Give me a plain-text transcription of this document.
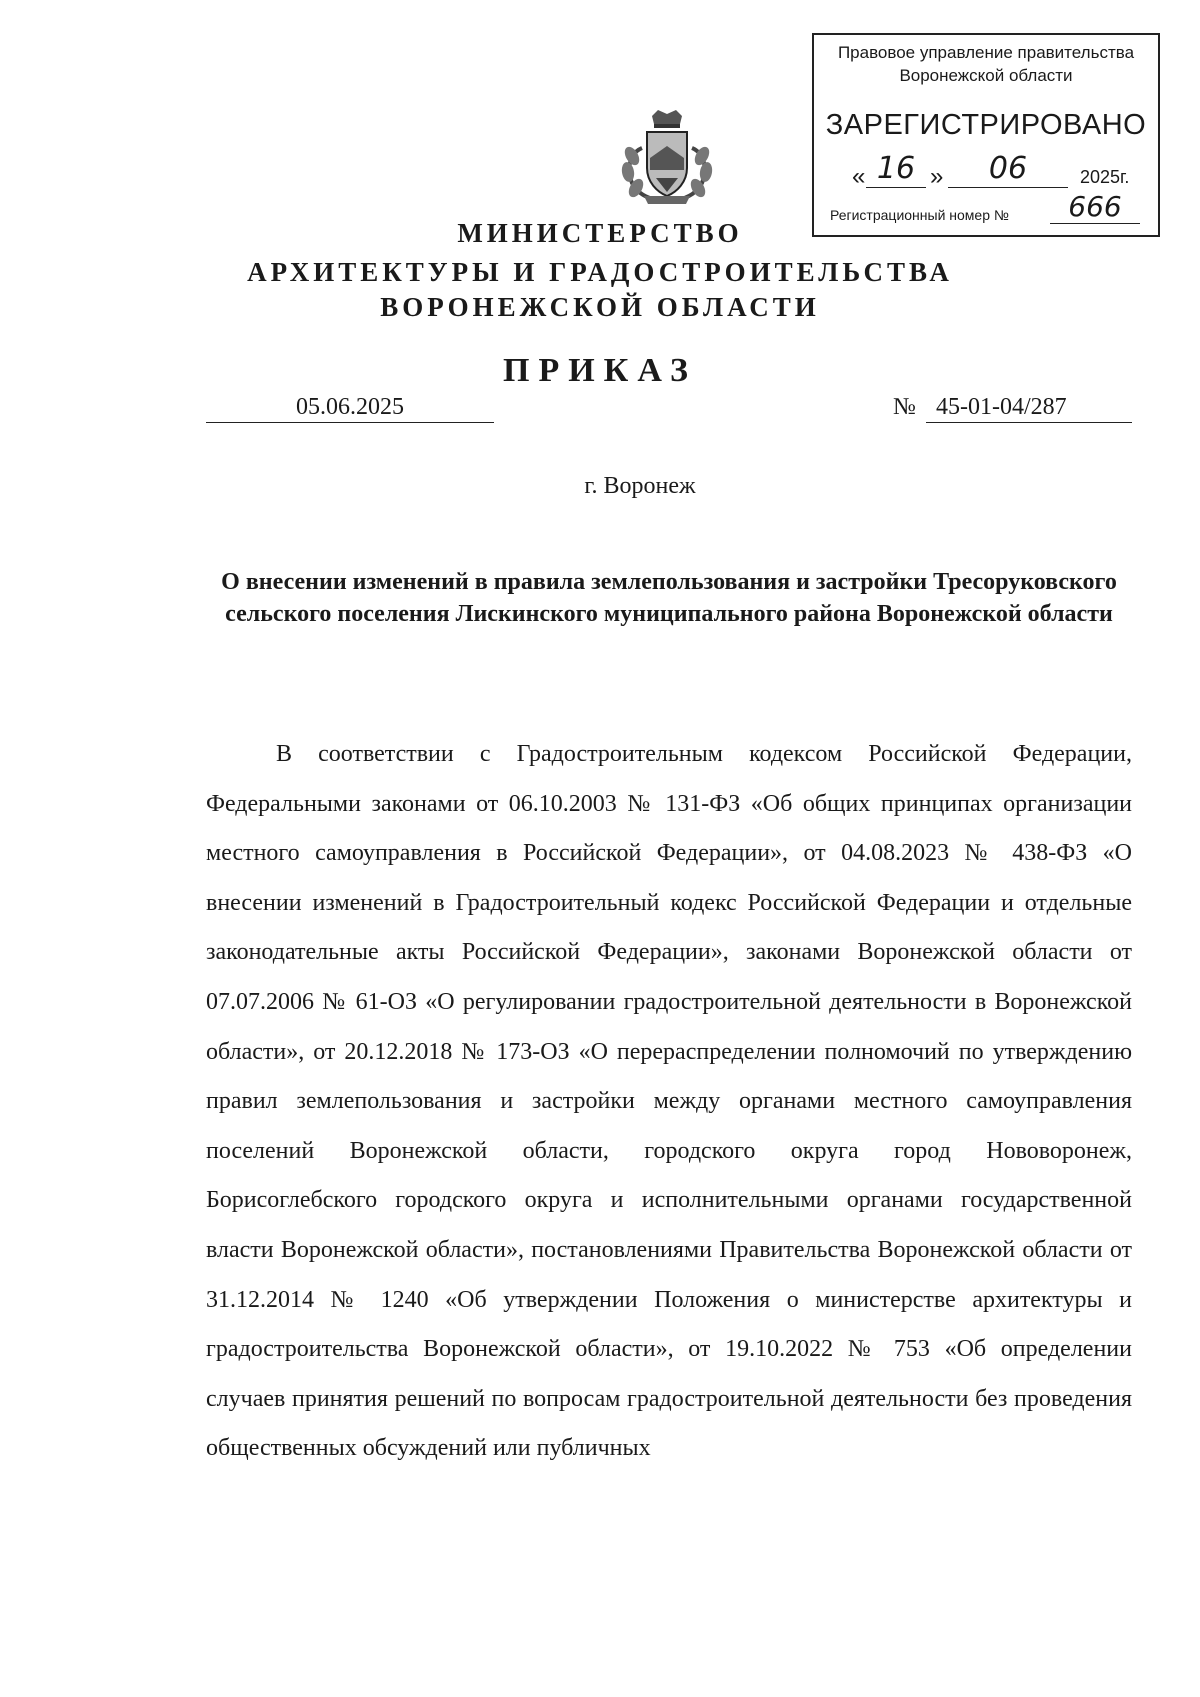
Правовое управление правительства
Воронежской области
ЗАРЕГИСТРИРОВАНО
« 16 »	06	2025г.
Регистрационный номер №	666
МИНИСТЕРСТВО
АРХИТЕКТУРЫ И ГРАДОСТРОИТЕЛЬСТВА
ВОРОНЕЖСКОЙ ОБЛАСТИ
ПРИКАЗ
05.06.2025	№ 45-01-04/287
г. Воронеж
О внесении изменений в правила землепользования и застройки Тресоруковского сельского поселения Лискинского муниципального района Воронежской области

В соответствии с Градостроительным кодексом Российской Федерации, Федеральными законами от 06.10.2003 № 131-ФЗ «Об общих принципах организации местного самоуправления в Российской Федерации», от 04.08.2023 № 438-ФЗ «О внесении изменений в Градостроительный кодекс Российской Федерации и отдельные законодательные акты Российской Федерации», законами Воронежской области от 07.07.2006 № 61-ОЗ «О регулировании градостроительной деятельности в Воронежской области», от 20.12.2018 № 173-ОЗ «О перераспределении полномочий по утверждению правил землепользования и застройки между органами местного самоуправления поселений Воронежской области, городского округа город Нововоронеж, Борисоглебского городского округа и исполнительными органами государственной власти Воронежской области», постановлениями Правительства Воронежской области от 31.12.2014 № 1240 «Об утверждении Положения о министерстве архитектуры и градостроительства Воронежской области», от 19.10.2022 № 753 «Об определении случаев принятия решений по вопросам градостроительной деятельности без проведения общественных обсуждений или публичных
